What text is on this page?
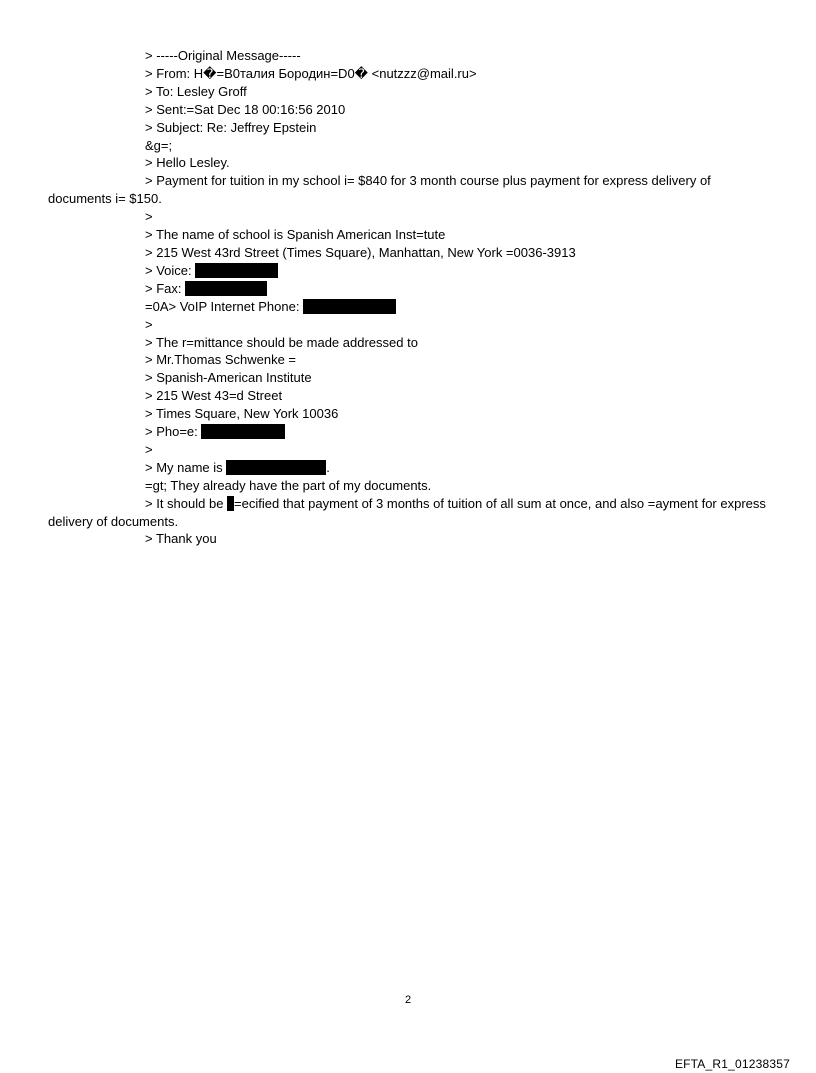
> -----Original Message-----
> From: H�=B0талия Бородин=D0� <nutzzz@mail.ru>
> To: Lesley Groff
> Sent:=Sat Dec 18 00:16:56 2010
> Subject: Re: Jeffrey Epstein
&g=;
> Hello Lesley.
> Payment for tuition in my school i= $840 for 3 month course plus payment for express delivery of documents i= $150.
>
> The name of school is Spanish American Inst=tute
> 215 West 43rd Street (Times Square), Manhattan, New York =0036-3913
> Voice:
> Fax:
=0A> VoIP Internet Phone:
>
> The r=mittance should be made addressed to
> Mr.Thomas Schwenke =
> Spanish-American Institute
> 215 West 43=d Street
> Times Square, New York 10036
> Pho=e:
>
> My name is	.
=gt; They already have the part of my documents.
> It should be =ecified that payment of 3 months of tuition of all sum at once, and also =ayment for express delivery of documents.
> Thank you
2
EFTA_R1_01238357
